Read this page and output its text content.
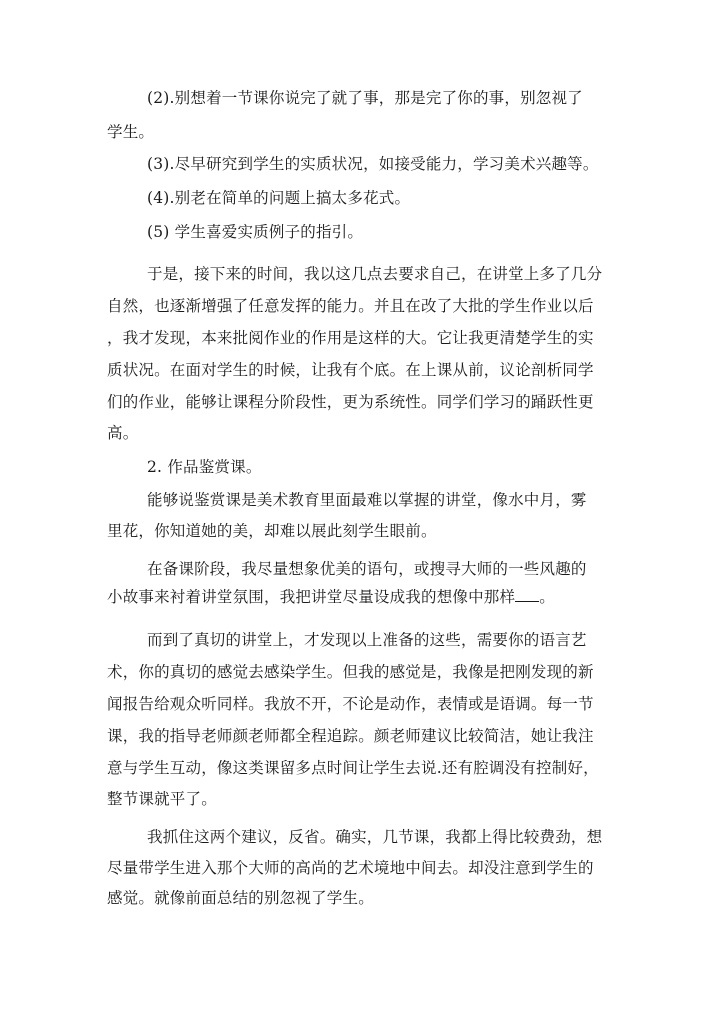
(2).别想着一节课你说完了就了事，那是完了你的事，别忽视了
学生。
(3).尽早研究到学生的实质状况，如接受能力，学习美术兴趣等。
(4).别老在简单的问题上搞太多花式。
(5) 学生喜爱实质例子的指引。
于是，接下来的时间，我以这几点去要求自己，在讲堂上多了几分
自然，也逐渐增强了任意发挥的能力。并且在改了大批的学生作业以后
，我才发现，本来批阅作业的作用是这样的大。它让我更清楚学生的实
质状况。在面对学生的时候，让我有个底。在上课从前，议论剖析同学
们的作业，能够让课程分阶段性，更为系统性。同学们学习的踊跃性更
高。
2. 作品鉴赏课。
能够说鉴赏课是美术教育里面最难以掌握的讲堂，像水中月，雾
里花，你知道她的美，却难以展此刻学生眼前。
在备课阶段，我尽量想象优美的语句，或搜寻大师的一些风趣的
小故事来衬着讲堂氛围，我把讲堂尽量设成我的想像中那样 。
而到了真切的讲堂上，才发现以上准备的这些，需要你的语言艺
术，你的真切的感觉去感染学生。但我的感觉是，我像是把刚发现的新
闻报告给观众听同样。我放不开，不论是动作，表情或是语调。每一节
课，我的指导老师颜老师都全程追踪。颜老师建议比较简洁，她让我注
意与学生互动，像这类课留多点时间让学生去说.还有腔调没有控制好，
整节课就平了。
我抓住这两个建议，反省。确实，几节课，我都上得比较费劲，想
尽量带学生进入那个大师的高尚的艺术境地中间去。却没注意到学生的
感觉。就像前面总结的别忽视了学生。
